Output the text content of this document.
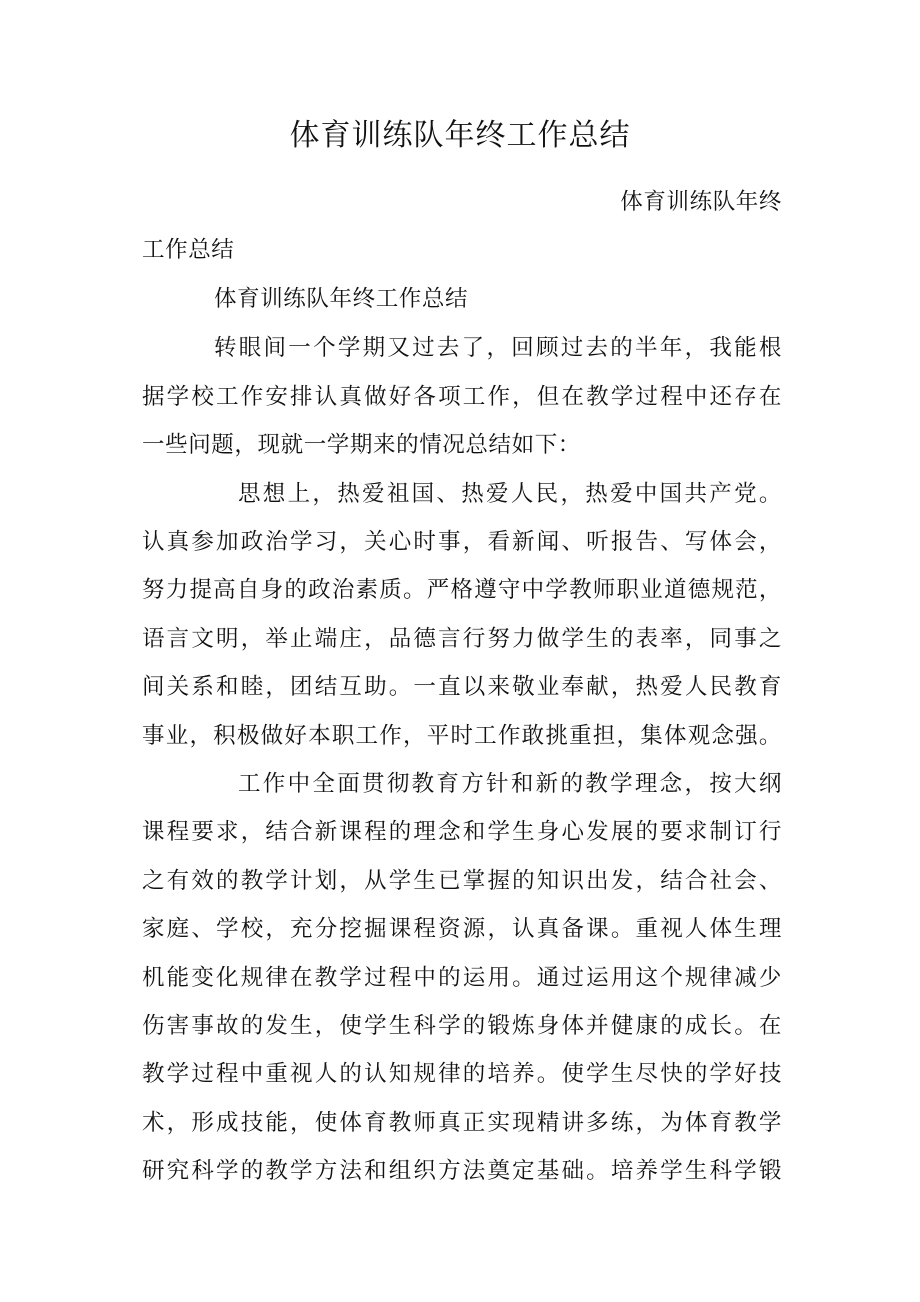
体育训练队年终工作总结
体育训练队年终
工作总结
体育训练队年终工作总结
转眼间一个学期又过去了，回顾过去的半年，我能根
据学校工作安排认真做好各项工作，但在教学过程中还存在
一些问题，现就一学期来的情况总结如下：
思想上，热爱祖国、热爱人民，热爱中国共产党。
认真参加政治学习，关心时事，看新闻、听报告、写体会，
努力提高自身的政治素质。严格遵守中学教师职业道德规范，
语言文明，举止端庄，品德言行努力做学生的表率，同事之
间关系和睦，团结互助。一直以来敬业奉献，热爱人民教育
事业，积极做好本职工作，平时工作敢挑重担，集体观念强。
工作中全面贯彻教育方针和新的教学理念，按大纲
课程要求，结合新课程的理念和学生身心发展的要求制订行
之有效的教学计划，从学生已掌握的知识出发，结合社会、
家庭、学校，充分挖掘课程资源，认真备课。重视人体生理
机能变化规律在教学过程中的运用。通过运用这个规律减少
伤害事故的发生，使学生科学的锻炼身体并健康的成长。在
教学过程中重视人的认知规律的培养。使学生尽快的学好技
术，形成技能，使体育教师真正实现精讲多练，为体育教学
研究科学的教学方法和组织方法奠定基础。培养学生科学锻
